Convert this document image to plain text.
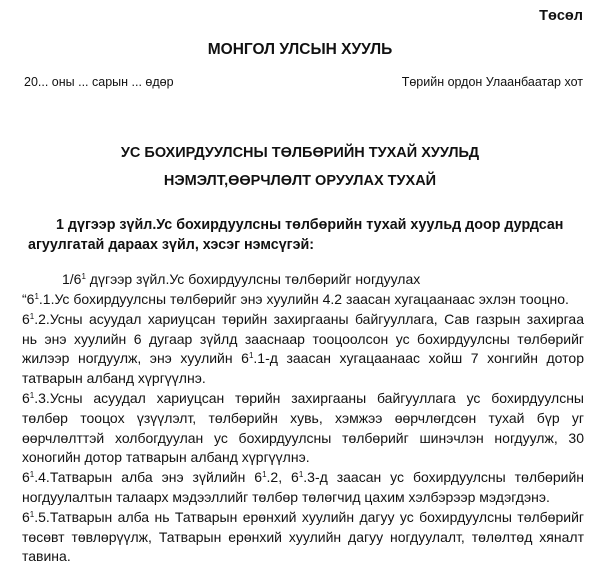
Төсөл
МОНГОЛ УЛСЫН ХУУЛЬ
20... оны ... сарын ... өдөр	Төрийн ордон Улаанбаатар хот
УС БОХИРДУУЛСНЫ ТӨЛБӨРИЙН ТУХАЙ ХУУЛЬД
НЭМЭЛТ,ӨӨРЧЛӨЛТ ОРУУЛАХ ТУХАЙ
1 дүгээр зүйл.Ус бохирдуулсны төлбөрийн тухай хуульд доор дурдсан
агуулгатай дараах зүйл, хэсэг нэмсүгэй:
$1/6^1$ дүгээр зүйл.Ус бохирдуулсны төлбөрийг ногдуулах
“$6^1.1.Ус$ бохирдуулсны төлбөрийг энэ хуулийн 4.2 заасан хугацаанаас эхлэн тооцно.
$6^1.2.Усны$ асуудал хариуцсан төрийн захиргааны байгууллага, Сав газрын захиргаа
нь энэ хуулийн 6 дугаар зүйлд зааснаар тооцоолсон ус бохирдуулсны төлбөрийг
жилээр ногдуулж, энэ хуулийн $6^1.1-д$ заасан хугацаанаас хойш 7 хонгийн дотор
татварын албанд хүргүүлнэ.
$6^1.3.Усны$ асуудал хариуцсан төрийн захиргааны байгууллага ус бохирдуулсны
төлбөр тооцох үзүүлэлт, төлбөрийн хувь, хэмжээ өөрчлөгдсөн тухай бүр уг
өөрчлөлттэй холбогдуулан ус бохирдуулсны төлбөрийг шинэчлэн ногдуулж, 30
хоногийн дотор татварын албанд хүргүүлнэ.
$6^1.4.Татварын$ алба энэ зүйлийн $6^1.2$, $6^1.3-д$ заасан ус бохирдуулсны төлбөрийн
ногдуулалтын талаарх мэдээллийг төлбөр төлөгчид цахим хэлбэрээр мэдэгдэнэ.
$6^1.5.Татварын$ алба нь Татварын ерөнхий хуулийн дагуу ус бохирдуулсны төлбөрийг
төсөвт төвлөрүүлж, Татварын ерөнхий хуулийн дагуу ногдуулалт, төлөлтөд хяналт
тавина.
